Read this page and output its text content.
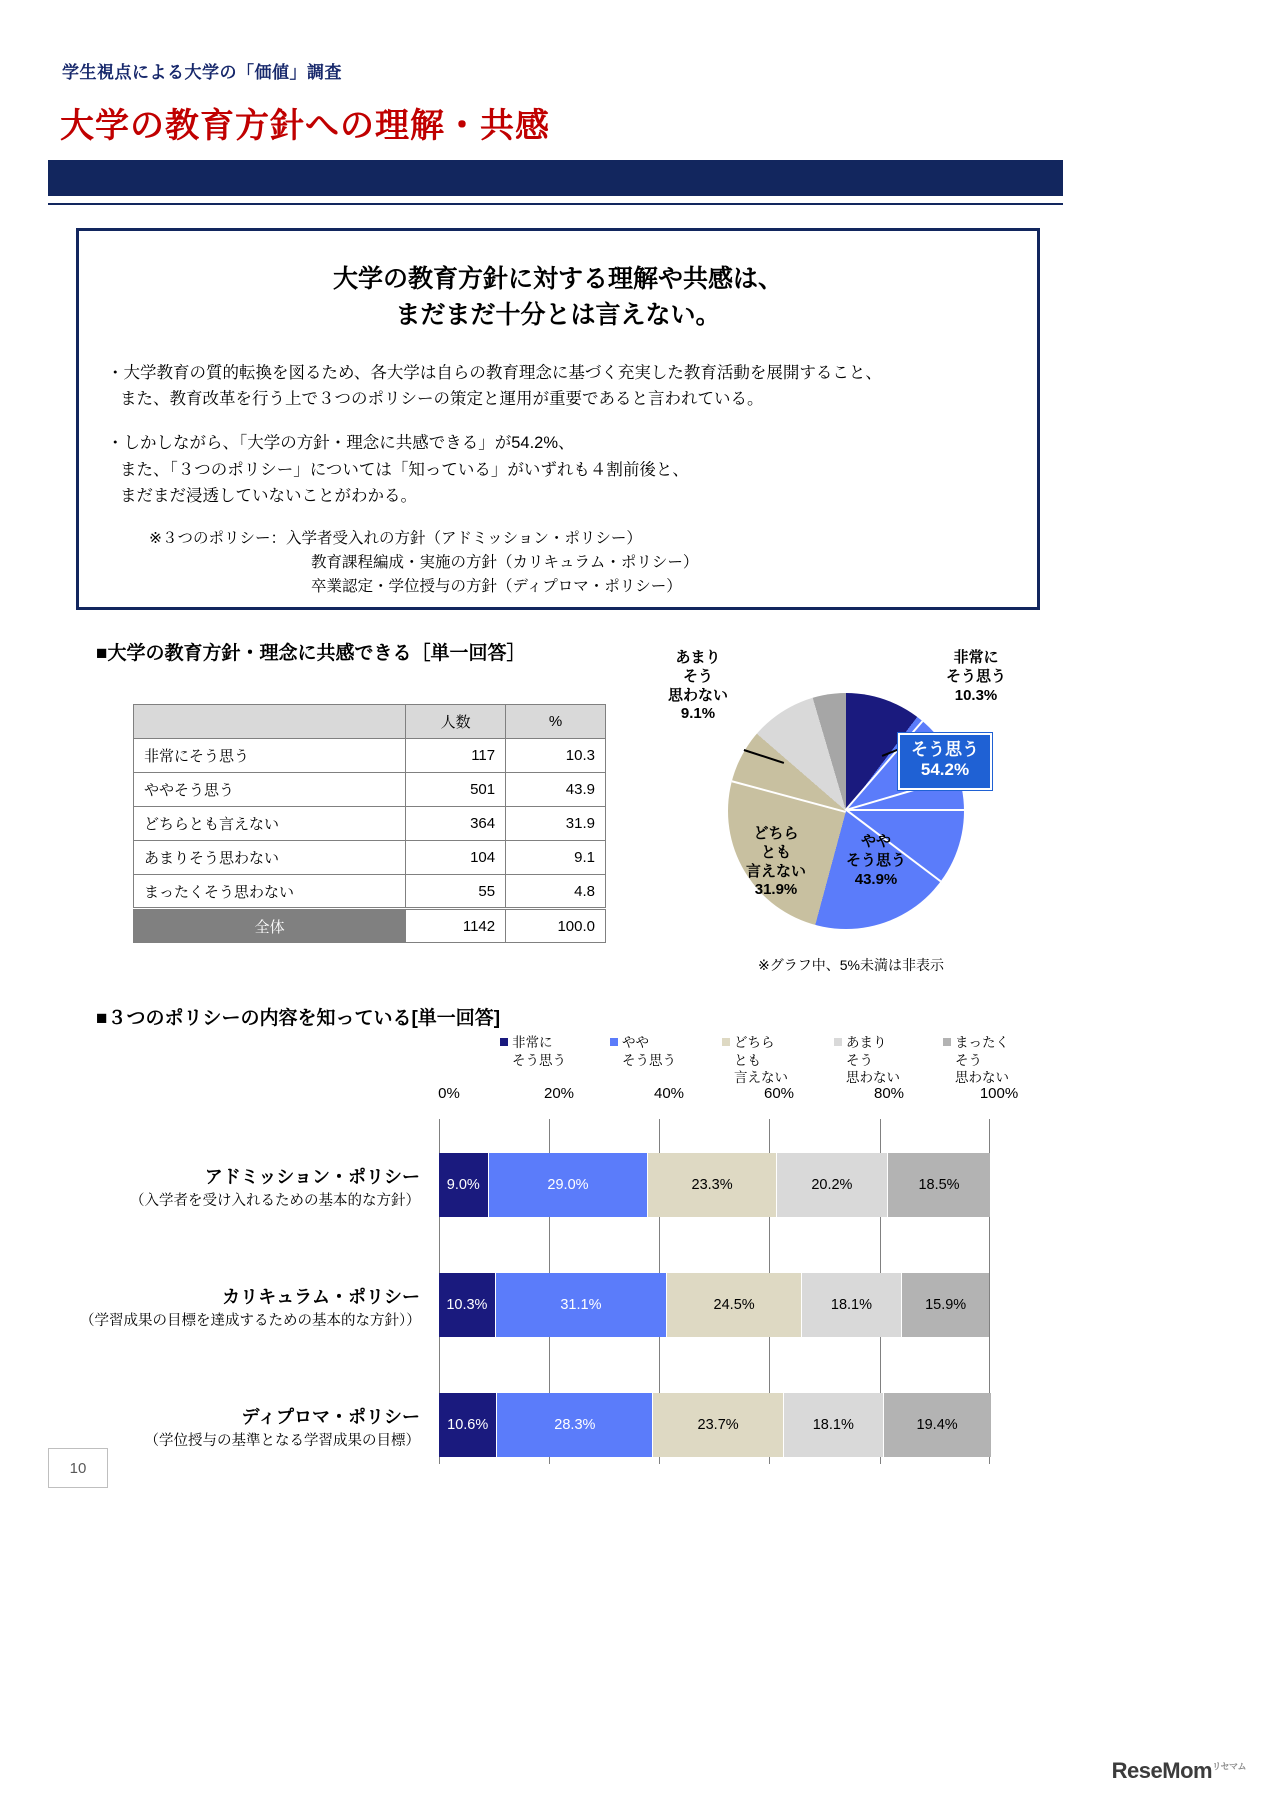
学生視点による大学の「価値」調査
大学の教育方針への理解・共感
大学の教育方針に対する理解や共感は、
まだまだ十分とは言えない。
・大学教育の質的転換を図るため、各大学は自らの教育理念に基づく充実した教育活動を展開すること、
また、教育改革を行う上で３つのポリシーの策定と運用が重要であると言われている。
・しかしながら、「大学の方針・理念に共感できる」が54.2%、
また、「３つのポリシー」については「知っている」がいずれも４割前後と、
まだまだ浸透していないことがわかる。
※３つのポリシー：入学者受入れの方針（アドミッション・ポリシー）
教育課程編成・実施の方針（カリキュラム・ポリシー）
卒業認定・学位授与の方針（ディプロマ・ポリシー）
■大学の教育方針・理念に共感できる［単一回答］
	人数	%
非常にそう思う	117	10.3
ややそう思う	501	43.9
どちらとも言えない	364	31.9
あまりそう思わない	104	9.1
まったくそう思わない	55	4.8
全体	1142	100.0
あまり
そう
思わない
9.1%
非常に
そう思う
10.3%
どちら
とも
言えない
31.9%
やや
そう思う
43.9%
そう思う
54.2%
※グラフ中、5%未満は非表示
■３つのポリシーの内容を知っている[単一回答]
非常に
そう思う
やや
そう思う
どちら
とも
言えない
あまり
そう
思わない
まったく
そう
思わない
0%	20%	40%	60%	80%	100%
9.0%	29.0%	23.3%	20.2%	18.5%
10.3%	31.1%	24.5%	18.1%	15.9%
10.6%	28.3%	23.7%	18.1%	19.4%
アドミッション・ポリシー
（入学者を受け入れるための基本的な方針）
カリキュラム・ポリシー
（学習成果の目標を達成するための基本的な方針））
ディプロマ・ポリシー
（学位授与の基準となる学習成果の目標）
10
ReseMom$^{リセマム}$
